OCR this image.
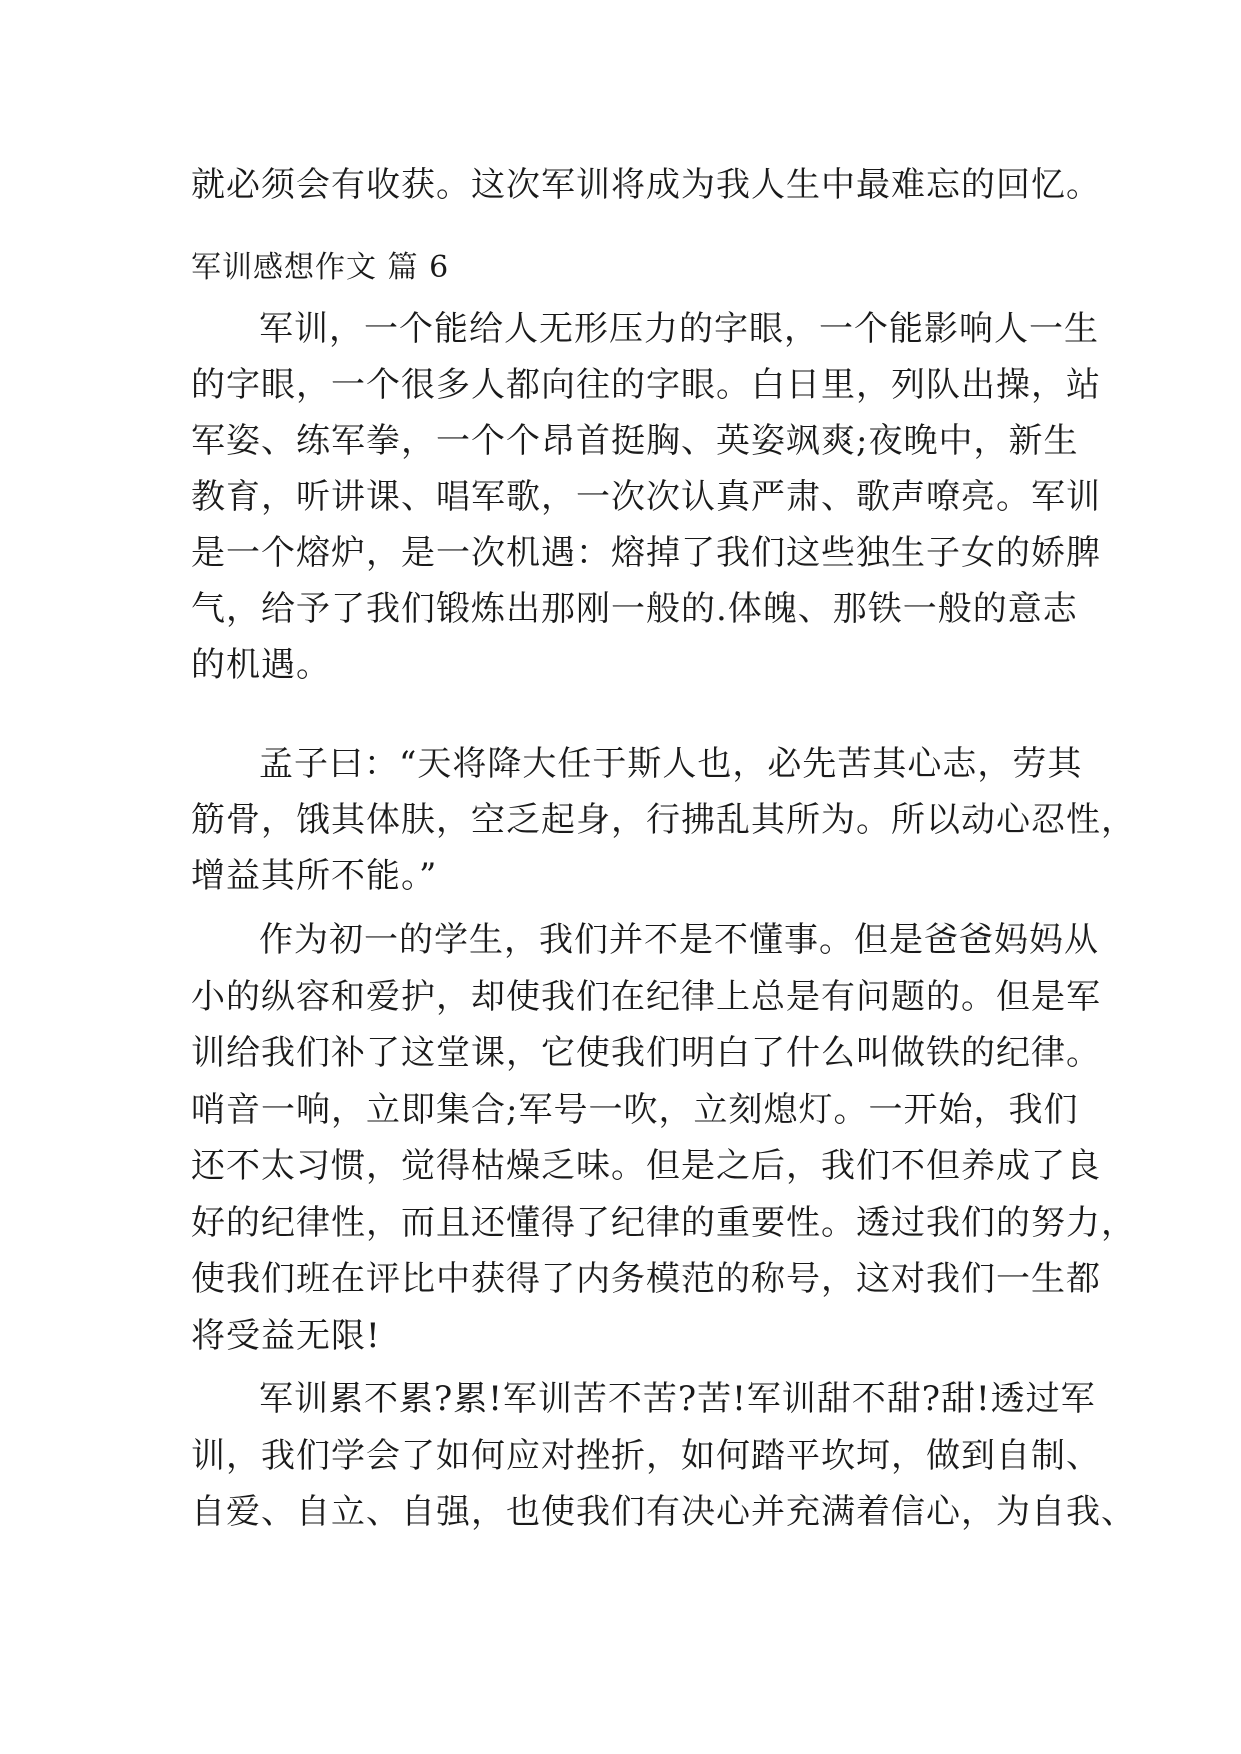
就必须会有收获。这次军训将成为我人生中最难忘的回忆。
军训感想作文 篇 6
军训，一个能给人无形压力的字眼，一个能影响人一生
的字眼，一个很多人都向往的字眼。白日里，列队出操，站
军姿、练军拳，一个个昂首挺胸、英姿飒爽;夜晚中，新生
教育，听讲课、唱军歌，一次次认真严肃、歌声嘹亮。军训
是一个熔炉，是一次机遇：熔掉了我们这些独生子女的娇脾
气，给予了我们锻炼出那刚一般的.体魄、那铁一般的意志
的机遇。
孟子曰：“天将降大任于斯人也，必先苦其心志，劳其
筋骨，饿其体肤，空乏起身，行拂乱其所为。所以动心忍性，
增益其所不能。”
作为初一的学生，我们并不是不懂事。但是爸爸妈妈从
小的纵容和爱护，却使我们在纪律上总是有问题的。但是军
训给我们补了这堂课，它使我们明白了什么叫做铁的纪律。
哨音一响，立即集合;军号一吹，立刻熄灯。一开始，我们
还不太习惯，觉得枯燥乏味。但是之后，我们不但养成了良
好的纪律性，而且还懂得了纪律的重要性。透过我们的努力，
使我们班在评比中获得了内务模范的称号，这对我们一生都
将受益无限!
军训累不累?累!军训苦不苦?苦!军训甜不甜?甜!透过军
训，我们学会了如何应对挫折，如何踏平坎坷，做到自制、
自爱、自立、自强，也使我们有决心并充满着信心，为自我、
